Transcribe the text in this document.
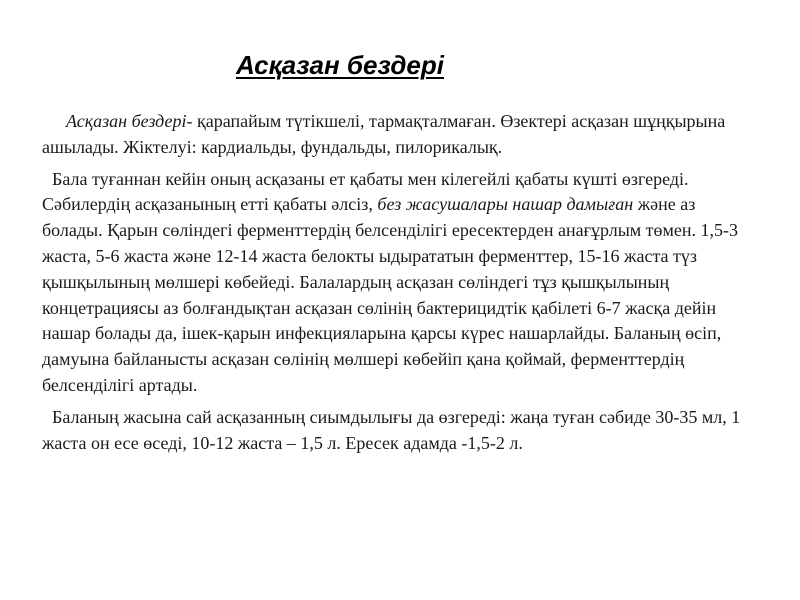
Асқазан бездері

Асқазан бездері- қарапайым түтікшелі, тармақталмаған. Өзектері асқазан шұңқырына ашылады. Жіктелуі: кардиальды, фундальды, пилорикалық.

Бала туғаннан кейін оның асқазаны ет қабаты мен кілегейлі қабаты күшті өзгереді. Сәбилердің асқазанының етті қабаты әлсіз, без жасушалары нашар дамыған және аз болады. Қарын сөліндегі ферменттердің белсенділігі ересектерден анағұрлым төмен. 1,5-3 жаста, 5-6 жаста және 12-14 жаста белокты ыдырататын ферменттер, 15-16 жаста түз қышқылының мөлшері көбейеді. Балалардың асқазан сөліндегі тұз қышқылының концетрациясы аз болғандықтан асқазан сөлінің бактерицидтік қабілеті 6-7 жасқа дейін нашар болады да, ішек-қарын инфекцияларына қарсы күрес нашарлайды. Баланың өсіп, дамуына байланысты асқазан сөлінің мөлшері көбейіп қана қоймай, ферменттердің белсенділігі артады.

Баланың жасына сай асқазанның сиымдылығы да өзгереді: жаңа туған сәбиде 30-35 мл, 1 жаста он есе өседі, 10-12 жаста – 1,5 л. Ересек адамда -1,5-2 л.
